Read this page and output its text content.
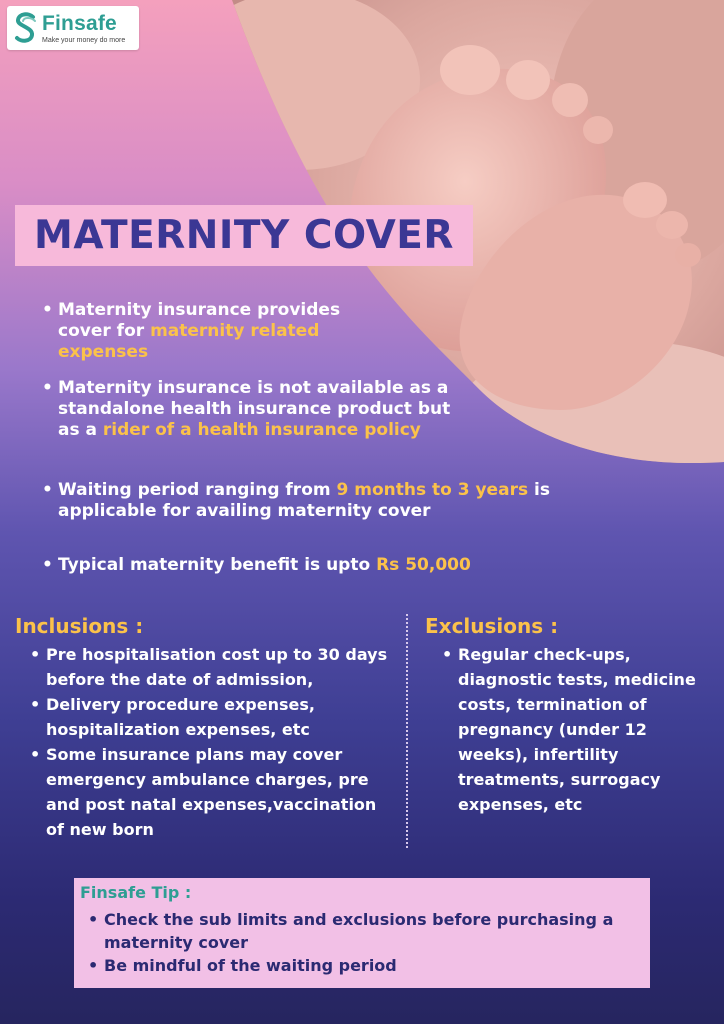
Finsafe
Make your money do more
MATERNITY COVER
• Maternity insurance provides cover for maternity related expenses
• Maternity insurance is not available as a standalone health insurance product but as a rider of a health insurance policy
• Waiting period ranging from 9 months to 3 years is applicable for availing maternity cover
• Typical maternity benefit is upto Rs 50,000
Inclusions :
• Pre hospitalisation cost up to 30 days before the date of admission,
• Delivery procedure expenses, hospitalization expenses, etc
• Some insurance plans may cover emergency ambulance charges, pre and post natal expenses,vaccination of new born
Exclusions :
• Regular check-ups, diagnostic tests, medicine costs, termination of pregnancy (under 12 weeks), infertility treatments, surrogacy expenses, etc
Finsafe Tip :
• Check the sub limits and exclusions before purchasing a maternity cover
• Be mindful of the waiting period
